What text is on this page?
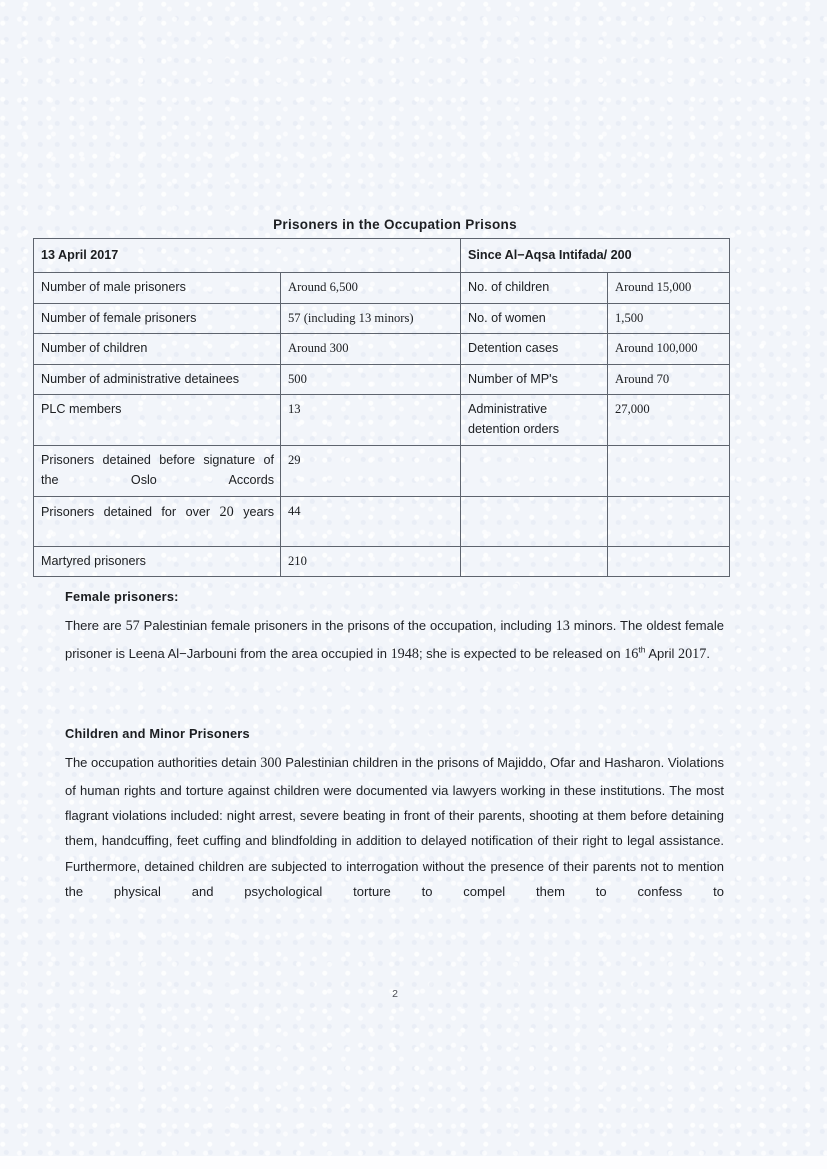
Prisoners in the Occupation Prisons
13 April 2017		Since Al−Aqsa Intifada/ 200	
Number of male prisoners	Around 6,500	No. of children	Around 15,000
Number of female prisoners	57 (including 13 minors)	No. of women	1,500
Number of children	Around 300	Detention cases	Around 100,000
Number of administrative detainees	500	Number of MP's	Around 70
PLC members	13	Administrative detention orders	27,000
Prisoners detained before signature of the Oslo Accords	29		
Prisoners detained for over 20 years	44		
Martyred prisoners	210		
Female prisoners:

There are 57 Palestinian female prisoners in the prisons of the occupation, including 13 minors. The oldest female prisoner is Leena Al−Jarbouni from the area occupied in 1948; she is expected to be released on 16th April 2017.

Children and Minor Prisoners

The occupation authorities detain 300 Palestinian children in the prisons of Majiddo, Ofar and Hasharon. Violations of human rights and torture against children were documented via lawyers working in these institutions. The most flagrant violations included: night arrest, severe beating in front of their parents, shooting at them before detaining them, handcuffing, feet cuffing and blindfolding in addition to delayed notification of their right to legal assistance. Furthermore, detained children are subjected to interrogation without the presence of their parents not to mention the physical and psychological torture to compel them to confess to

2
